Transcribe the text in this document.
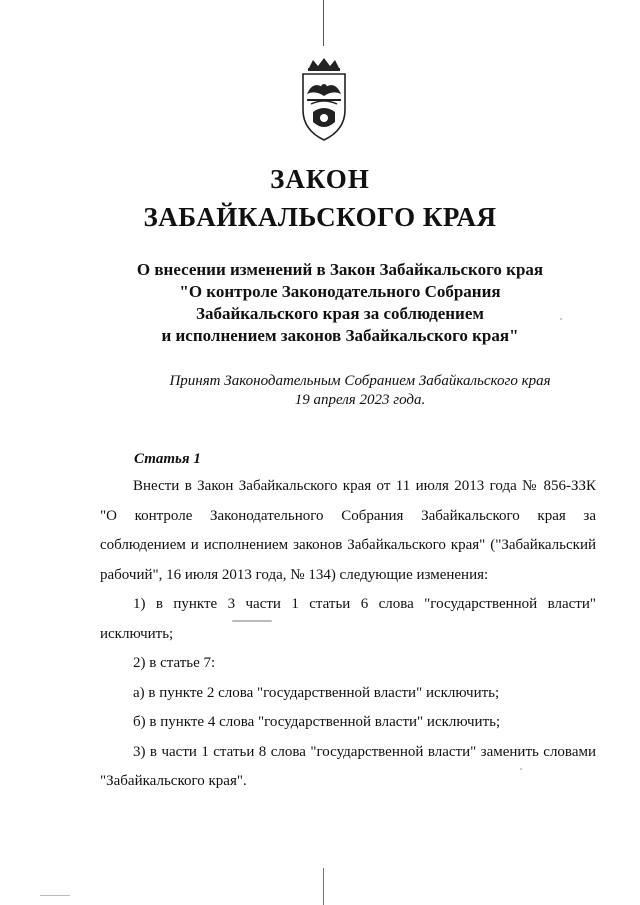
ЗАКОН
ЗАБАЙКАЛЬСКОГО КРАЯ
О внесении изменений в Закон Забайкальского края
"О контроле Законодательного Собрания
Забайкальского края за соблюдением
и исполнением законов Забайкальского края"
Принят Законодательным Собранием Забайкальского края
19 апреля 2023 года.
Статья 1

Внести в Закон Забайкальского края от 11 июля 2013 года № 856-ЗЗК "О контроле Законодательного Собрания Забайкальского края за соблюдением и исполнением законов Забайкальского края" ("Забайкальский рабочий", 16 июля 2013 года, № 134) следующие изменения:

1) в пункте 3 части 1 статьи 6 слова "государственной власти" исключить;

2) в статье 7:

а) в пункте 2 слова "государственной власти" исключить;

б) в пункте 4 слова "государственной власти" исключить;

3) в части 1 статьи 8 слова "государственной власти" заменить словами "Забайкальского края".
